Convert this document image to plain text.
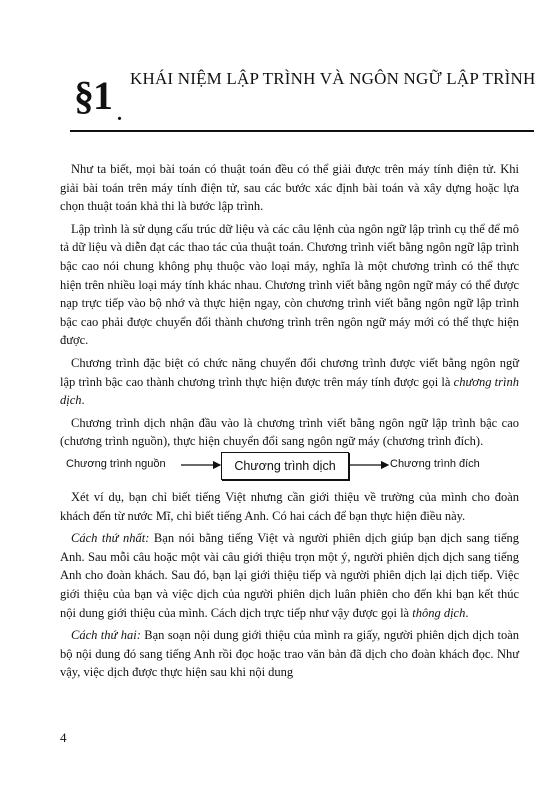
§1 .
KHÁI NIỆM LẬP TRÌNH VÀ NGÔN NGỮ LẬP TRÌNH

Như ta biết, mọi bài toán có thuật toán đều có thể giải được trên máy tính điện tử. Khi giải bài toán trên máy tính điện tử, sau các bước xác định bài toán và xây dựng hoặc lựa chọn thuật toán khả thi là bước lập trình.

Lập trình là sử dụng cấu trúc dữ liệu và các câu lệnh của ngôn ngữ lập trình cụ thể để mô tả dữ liệu và diễn đạt các thao tác của thuật toán. Chương trình viết bằng ngôn ngữ lập trình bậc cao nói chung không phụ thuộc vào loại máy, nghĩa là một chương trình có thể thực hiện trên nhiều loại máy tính khác nhau. Chương trình viết bằng ngôn ngữ máy có thể được nạp trực tiếp vào bộ nhớ và thực hiện ngay, còn chương trình viết bằng ngôn ngữ lập trình bậc cao phải được chuyển đổi thành chương trình trên ngôn ngữ máy mới có thể thực hiện được.

Chương trình đặc biệt có chức năng chuyển đổi chương trình được viết bằng ngôn ngữ lập trình bậc cao thành chương trình thực hiện được trên máy tính được gọi là chương trình dịch.

Chương trình dịch nhận đầu vào là chương trình viết bằng ngôn ngữ lập trình bậc cao (chương trình nguồn), thực hiện chuyển đổi sang ngôn ngữ máy (chương trình đích).

Chương trình nguồn	Chương trình dịch	Chương trình đích

Xét ví dụ, bạn chỉ biết tiếng Việt nhưng cần giới thiệu về trường của mình cho đoàn khách đến từ nước Mĩ, chỉ biết tiếng Anh. Có hai cách để bạn thực hiện điều này.

Cách thứ nhất: Bạn nói bằng tiếng Việt và người phiên dịch giúp bạn dịch sang tiếng Anh. Sau mỗi câu hoặc một vài câu giới thiệu trọn một ý, người phiên dịch dịch sang tiếng Anh cho đoàn khách. Sau đó, bạn lại giới thiệu tiếp và người phiên dịch lại dịch tiếp. Việc giới thiệu của bạn và việc dịch của người phiên dịch luân phiên cho đến khi bạn kết thúc nội dung giới thiệu của mình. Cách dịch trực tiếp như vậy được gọi là thông dịch.

Cách thứ hai: Bạn soạn nội dung giới thiệu của mình ra giấy, người phiên dịch dịch toàn bộ nội dung đó sang tiếng Anh rồi đọc hoặc trao văn bản đã dịch cho đoàn khách đọc. Như vậy, việc dịch được thực hiện sau khi nội dung

4
